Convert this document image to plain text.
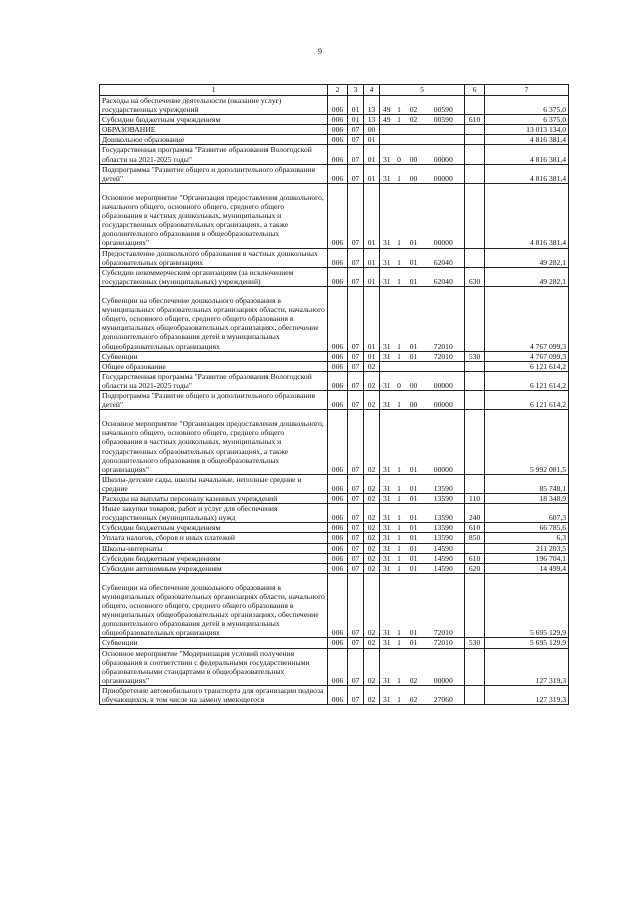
9
1	2	3	4	5				6	7
Расходы на обеспечение деятельности (оказание услуг) государственных учреждений	006	01	13	49	1	02	00590		6 375,0
Субсидии бюджетным учреждениям	006	01	13	49	1	02	00590	610	6 375,0
ОБРАЗОВАНИЕ	006	07	00						13 013 134,0
Дошкольное образование	006	07	01						4 816 381,4
Государственная программа "Развитие образования Вологодской области на 2021-2025 годы"	006	07	01	31	0	00	00000		4 816 381,4
Подпрограмма "Развитие общего и дополнительного образования детей"	006	07	01	31	1	00	00000		4 816 381,4
Основное мероприятие "Организация предоставления дошкольного, начального общего, основного общего, среднего общего образования в частных дошкольных, муниципальных и государственных образовательных организациях, а также дополнительного образования в общеобразовательных организациях"	006	07	01	31	1	01	00000		4 816 381,4
Предоставление дошкольного образования в частных дошкольных образовательных организациях	006	07	01	31	1	01	62040		49 282,1
Субсидии некоммерческим организациям (за исключением государственных (муниципальных) учреждений)	006	07	01	31	1	01	62040	630	49 282,1
Субвенции на обеспечение дошкольного образования в муниципальных образовательных организациях области, начального общего, основного общего, среднего общего образования в муниципальных общеобразовательных организациях, обеспечение дополнительного образования детей в муниципальных общеобразовательных организациях	006	07	01	31	1	01	72010		4 767 099,3
Субвенции	006	07	01	31	1	01	72010	530	4 767 099,3
Общее образование	006	07	02						6 121 614,2
Государственная программа "Развитие образования Вологодской области на 2021-2025 годы"	006	07	02	31	0	00	00000		6 121 614,2
Подпрограмма "Развитие общего и дополнительного образования детей"	006	07	02	31	1	00	00000		6 121 614,2
Основное мероприятие "Организация предоставления дошкольного, начального общего, основного общего, среднего общего образования в частных дошкольных, муниципальных и государственных образовательных организациях, а также дополнительного образования в общеобразовательных организациях"	006	07	02	31	1	01	00000		5 992 081,5
Школы-детские сады, школы начальные, неполные средние и средние	006	07	02	31	1	01	13590		85 748,1
Расходы на выплаты персоналу казенных учреждений	006	07	02	31	1	01	13590	110	18 348,9
Иные закупки товаров, работ и услуг для обеспечения государственных (муниципальных) нужд	006	07	02	31	1	01	13590	240	607,3
Субсидии бюджетным учреждениям	006	07	02	31	1	01	13590	610	66 785,6
Уплата налогов, сборов и иных платежей	006	07	02	31	1	01	13590	850	6,3
Школы-интернаты	006	07	02	31	1	01	14590		211 203,5
Субсидии бюджетным учреждениям	006	07	02	31	1	01	14590	610	196 704,1
Субсидии автономным учреждениям	006	07	02	31	1	01	14590	620	14 499,4
Субвенции на обеспечение дошкольного образования в муниципальных образовательных организациях области, начального общего, основного общего, среднего общего образования в муниципальных общеобразовательных организациях, обеспечение дополнительного образования детей в муниципальных общеобразовательных организациях	006	07	02	31	1	01	72010		5 695 129,9
Субвенции	006	07	02	31	1	01	72010	530	5 695 129,9
Основное мероприятие "Модернизация условий получения образования в соответствии с федеральными государственными образовательными стандартами в общеобразовательных организациях"	006	07	02	31	1	02	00000		127 319,3
Приобретение автомобильного транспорта для организации подвоза обучающихся, в том числе на замену имеющегося	006	07	02	31	1	02	27060		127 319,3
